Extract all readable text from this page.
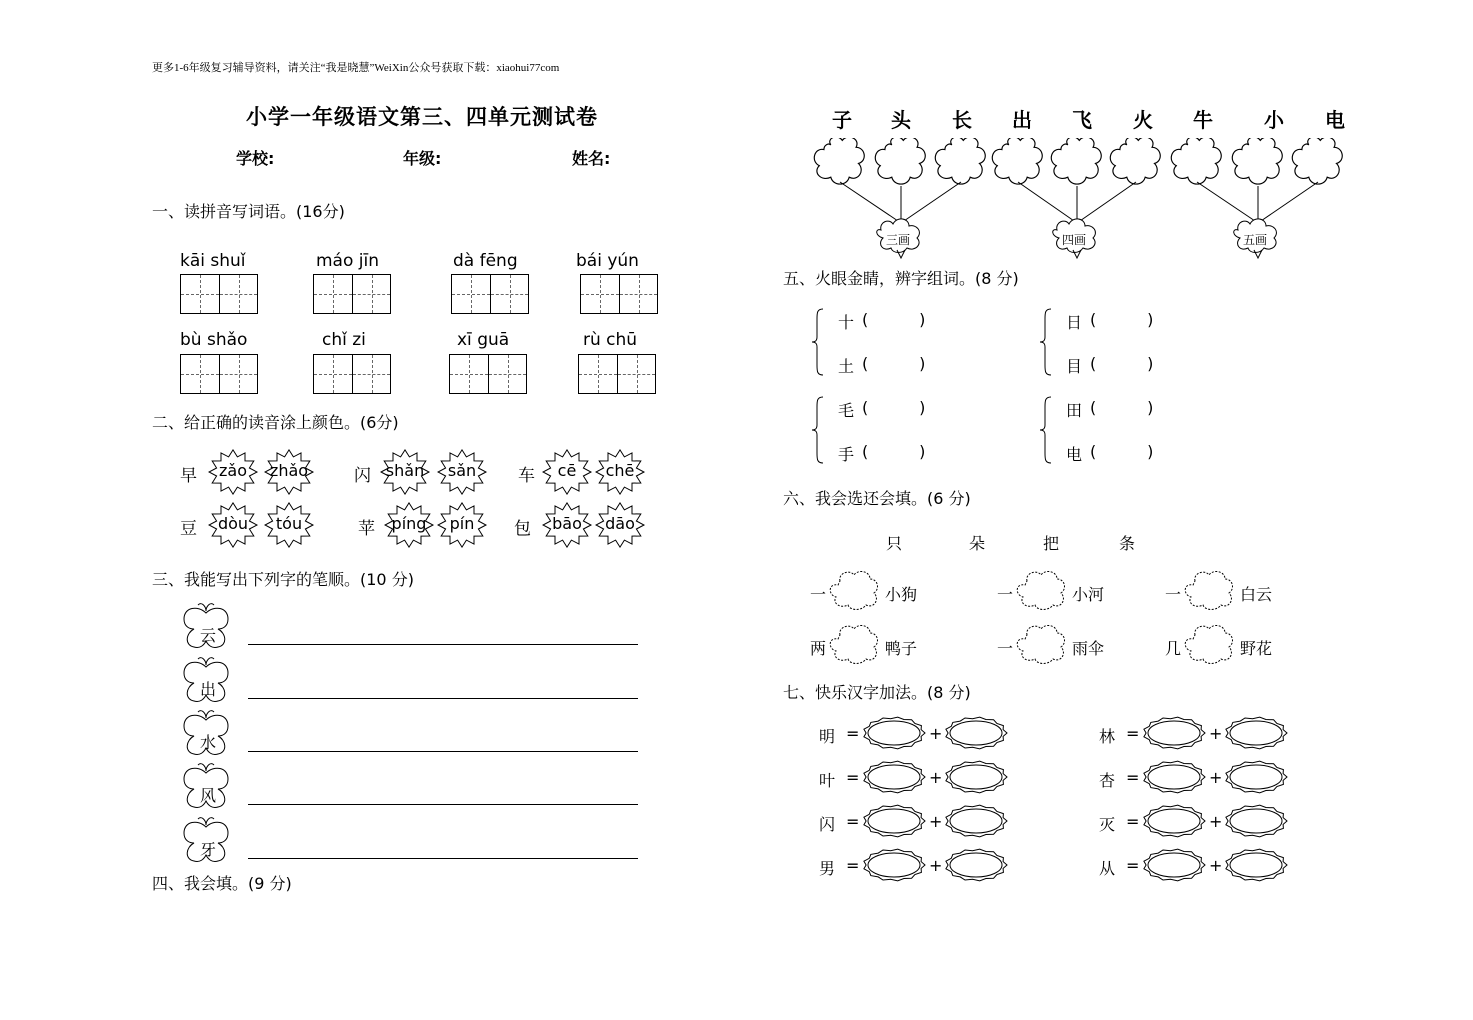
更多1-6年级复习辅导资料，请关注“我是晓慧”WeiXin公众号获取下载：xiaohui77com
小学一年级语文第三、四单元测试卷
学校:	年级:	姓名:
一、读拼音写词语。(16分)
kāi shuǐ	máo jīn	dà fēng	bái yún
bù shǎo	chǐ zi	xī guā	rù chū
二、给正确的读音涂上颜色。(6分)
早	zǎo	zhǎo	闪 shǎn	sǎn	车	cē	chē
豆	dòu	tóu	苹	píng	pín	包	bāo	dāo
三、我能写出下列字的笔顺。(10 分)
云
出
水
风
牙
四、我会填。(9 分)
子 头 长 出 飞 火 牛	小 电
三画	四画	五画
五、火眼金睛，辨字组词。(8 分)
十 (          )
土 (          )
日 (          )
目 (          )
毛 (          )
手 (          )
田 (          )
电 (          )
六、我会选还会填。(6 分)
只	朵	把	条
一	小狗	一	小河	一	白云
两	鸭子	一	雨伞	几	野花
七、快乐汉字加法。(8 分)
明 =	+
叶 =	+
闪 =	+
男 =	+
林 =	+
杏 =	+
灭 =	+
从 =	+
